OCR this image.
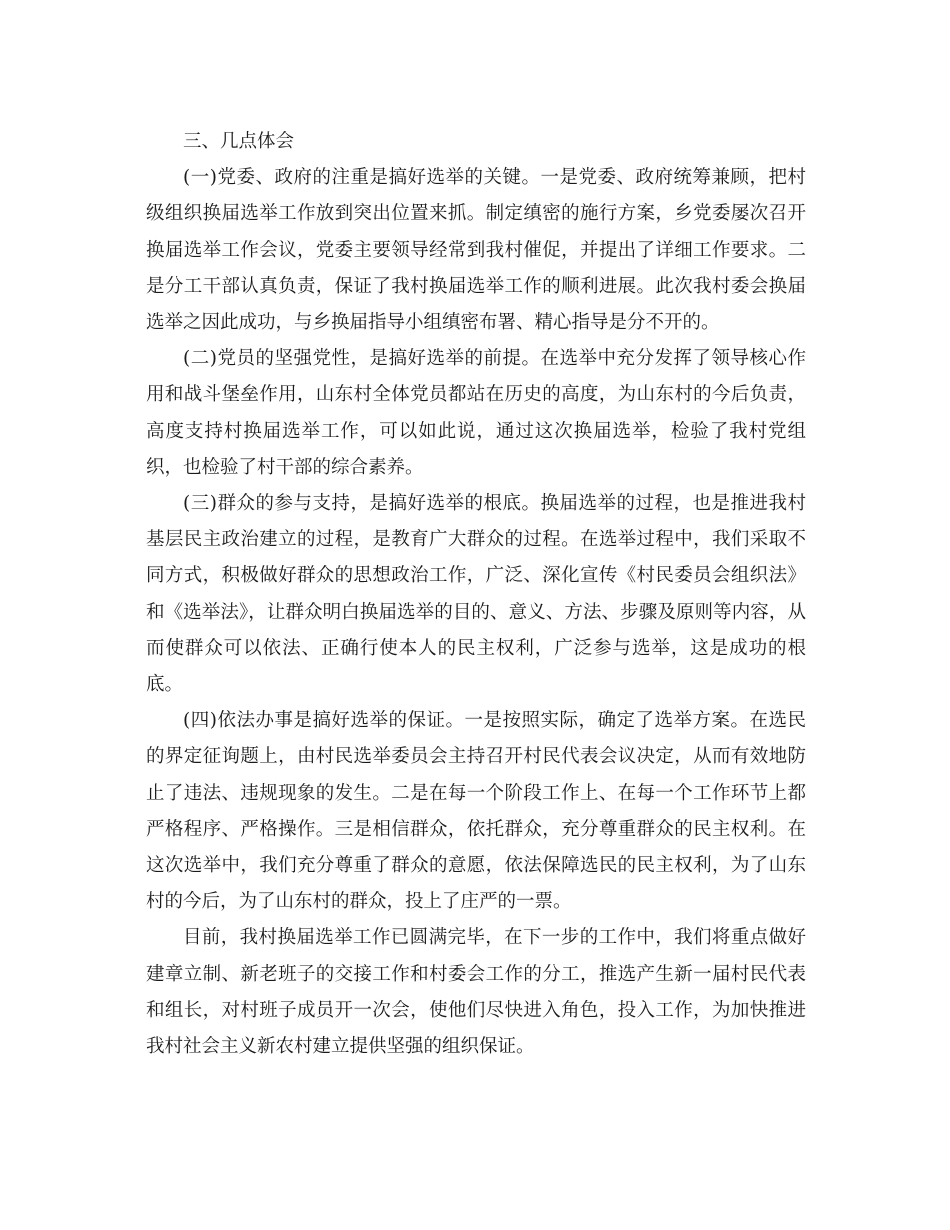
三、几点体会

(一)党委、政府的注重是搞好选举的关键。一是党委、政府统筹兼顾，把村级组织换届选举工作放到突出位置来抓。制定缜密的施行方案，乡党委屡次召开换届选举工作会议，党委主要领导经常到我村催促，并提出了详细工作要求。二是分工干部认真负责，保证了我村换届选举工作的顺利进展。此次我村委会换届选举之因此成功，与乡换届指导小组缜密布署、精心指导是分不开的。

(二)党员的坚强党性，是搞好选举的前提。在选举中充分发挥了领导核心作用和战斗堡垒作用，山东村全体党员都站在历史的高度，为山东村的今后负责，高度支持村换届选举工作，可以如此说，通过这次换届选举，检验了我村党组织，也检验了村干部的综合素养。

(三)群众的参与支持，是搞好选举的根底。换届选举的过程，也是推进我村基层民主政治建立的过程，是教育广大群众的过程。在选举过程中，我们采取不同方式，积极做好群众的思想政治工作，广泛、深化宣传《村民委员会组织法》和《选举法》，让群众明白换届选举的目的、意义、方法、步骤及原则等内容，从而使群众可以依法、正确行使本人的民主权利，广泛参与选举，这是成功的根底。

(四)依法办事是搞好选举的保证。一是按照实际，确定了选举方案。在选民的界定征询题上，由村民选举委员会主持召开村民代表会议决定，从而有效地防止了违法、违规现象的发生。二是在每一个阶段工作上、在每一个工作环节上都严格程序、严格操作。三是相信群众，依托群众，充分尊重群众的民主权利。在这次选举中，我们充分尊重了群众的意愿，依法保障选民的民主权利，为了山东村的今后，为了山东村的群众，投上了庄严的一票。

目前，我村换届选举工作已圆满完毕，在下一步的工作中，我们将重点做好建章立制、新老班子的交接工作和村委会工作的分工，推选产生新一届村民代表和组长，对村班子成员开一次会，使他们尽快进入角色，投入工作，为加快推进我村社会主义新农村建立提供坚强的组织保证。
